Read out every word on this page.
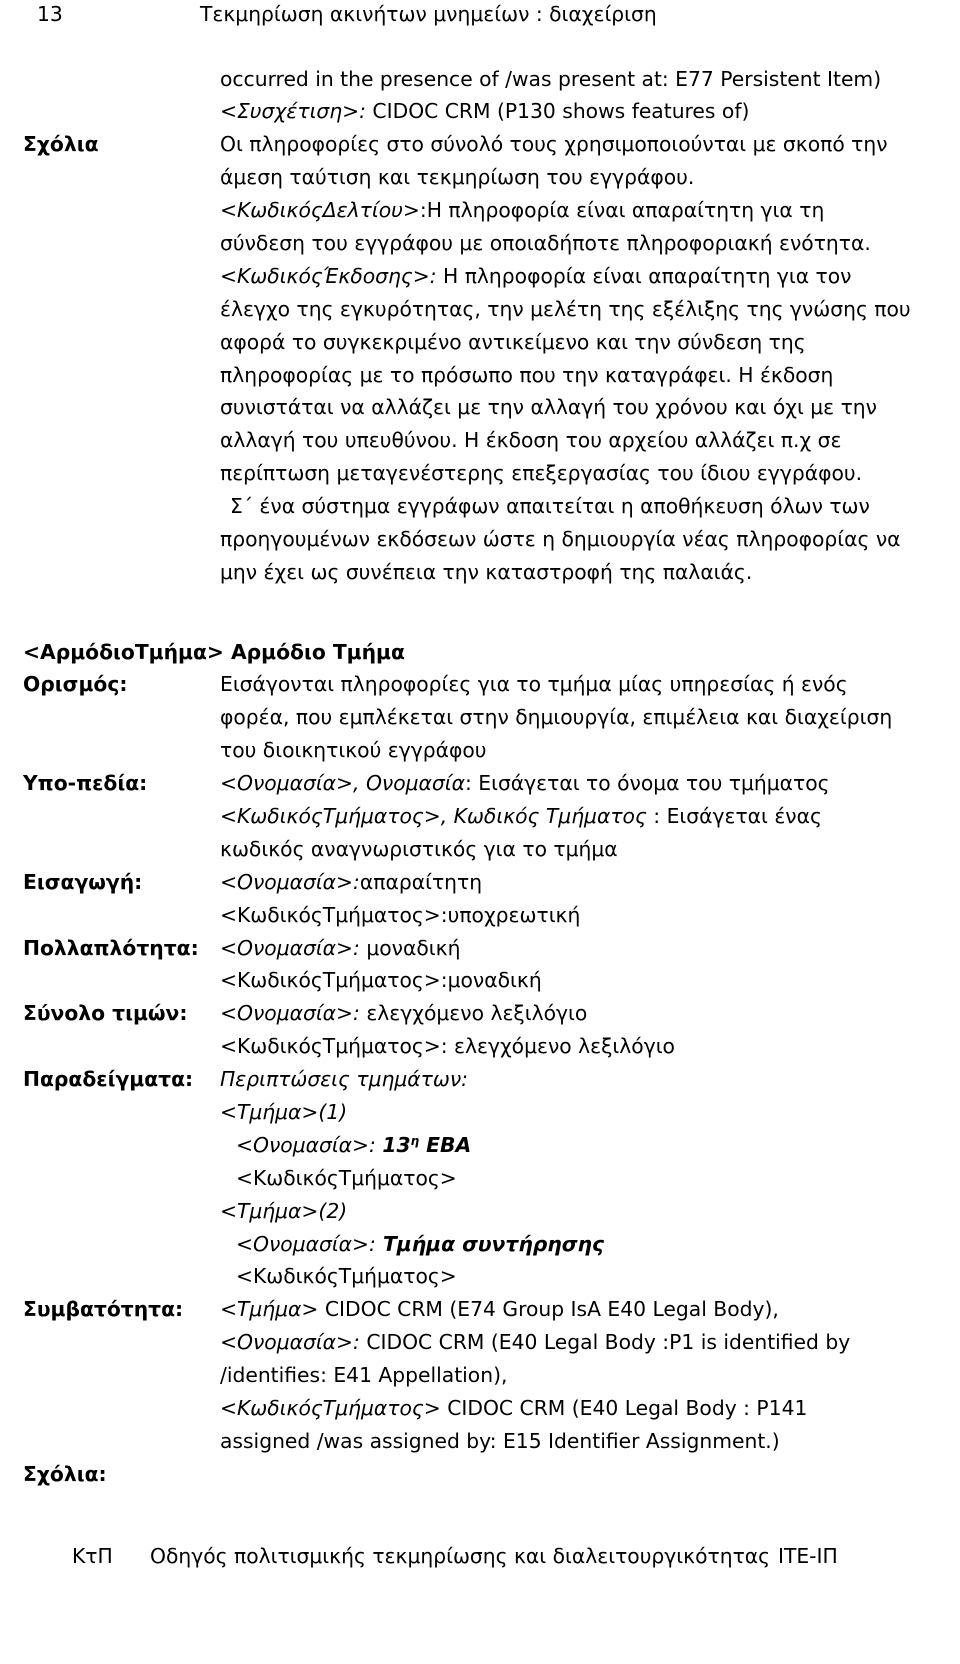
13	Τεκμηρίωση ακινήτων μνημείων : διαχείριση
occurred in the presence of /was present at: E77 Persistent Item)
<Συσχέτιση>: CIDOC CRM (P130 shows features of)
Σχόλια	Οι πληροφορίες στο σύνολό τους χρησιμοποιούνται με σκοπό την
άμεση ταύτιση και τεκμηρίωση του εγγράφου.
<ΚωδικόςΔελτίου>:Η πληροφορία είναι απαραίτητη για τη
σύνδεση του εγγράφου με οποιαδήποτε πληροφοριακή ενότητα.
<ΚωδικόςΈκδοσης>: Η πληροφορία είναι απαραίτητη για τον
έλεγχο της εγκυρότητας, την μελέτη της εξέλιξης της γνώσης που
αφορά το συγκεκριμένο αντικείμενο και την σύνδεση της
πληροφορίας με το πρόσωπο που την καταγράφει. Η έκδοση
συνιστάται να αλλάζει με την αλλαγή του χρόνου και όχι με την
αλλαγή του υπευθύνου. Η έκδοση του αρχείου αλλάζει π.χ σε
περίπτωση μεταγενέστερης επεξεργασίας του ίδιου εγγράφου.
Σ΄ ένα σύστημα εγγράφων απαιτείται η αποθήκευση όλων των
προηγουμένων εκδόσεων ώστε η δημιουργία νέας πληροφορίας να
μην έχει ως συνέπεια την καταστροφή της παλαιάς.
<ΑρμόδιοΤμήμα> Αρμόδιο Τμήμα
Ορισμός:	Εισάγονται πληροφορίες για το τμήμα μίας υπηρεσίας ή ενός
φορέα, που εμπλέκεται στην δημιουργία, επιμέλεια και διαχείριση
του διοικητικού εγγράφου
Υπο-πεδία:	<Ονομασία>, Ονομασία: Εισάγεται το όνομα του τμήματος
<ΚωδικόςΤμήματος>, Κωδικός Τμήματος : Εισάγεται ένας
κωδικός αναγνωριστικός για το τμήμα
Εισαγωγή:	<Ονομασία>:απαραίτητη
<ΚωδικόςΤμήματος>:υποχρεωτική
Πολλαπλότητα:	<Ονομασία>: μοναδική
<ΚωδικόςΤμήματος>:μοναδική
Σύνολο τιμών:	<Ονομασία>: ελεγχόμενο λεξιλόγιο
<ΚωδικόςΤμήματος>: ελεγχόμενο λεξιλόγιο
Παραδείγματα:	Περιπτώσεις τμημάτων:
<Τμήμα>(1)
<Ονομασία>: $13^\eta$ ΕΒΑ
<ΚωδικόςΤμήματος>
<Τμήμα>(2)
<Ονομασία>: Τμήμα συντήρησης
<ΚωδικόςΤμήματος>
Συμβατότητα:	<Τμήμα> CIDOC CRM (E74 Group IsA E40 Legal Body),
<Ονομασία>: CIDOC CRM (E40 Legal Body :P1 is identified by
/identifies: E41 Appellation),
<ΚωδικόςΤμήματος> CIDOC CRM (E40 Legal Body : P141
assigned /was assigned by: E15 Identifier Assignment.)
Σχόλια:
ΚτΠ Οδηγός πολιτισμικής τεκμηρίωσης και διαλειτουργικότητας ΙΤΕ-ΙΠ
